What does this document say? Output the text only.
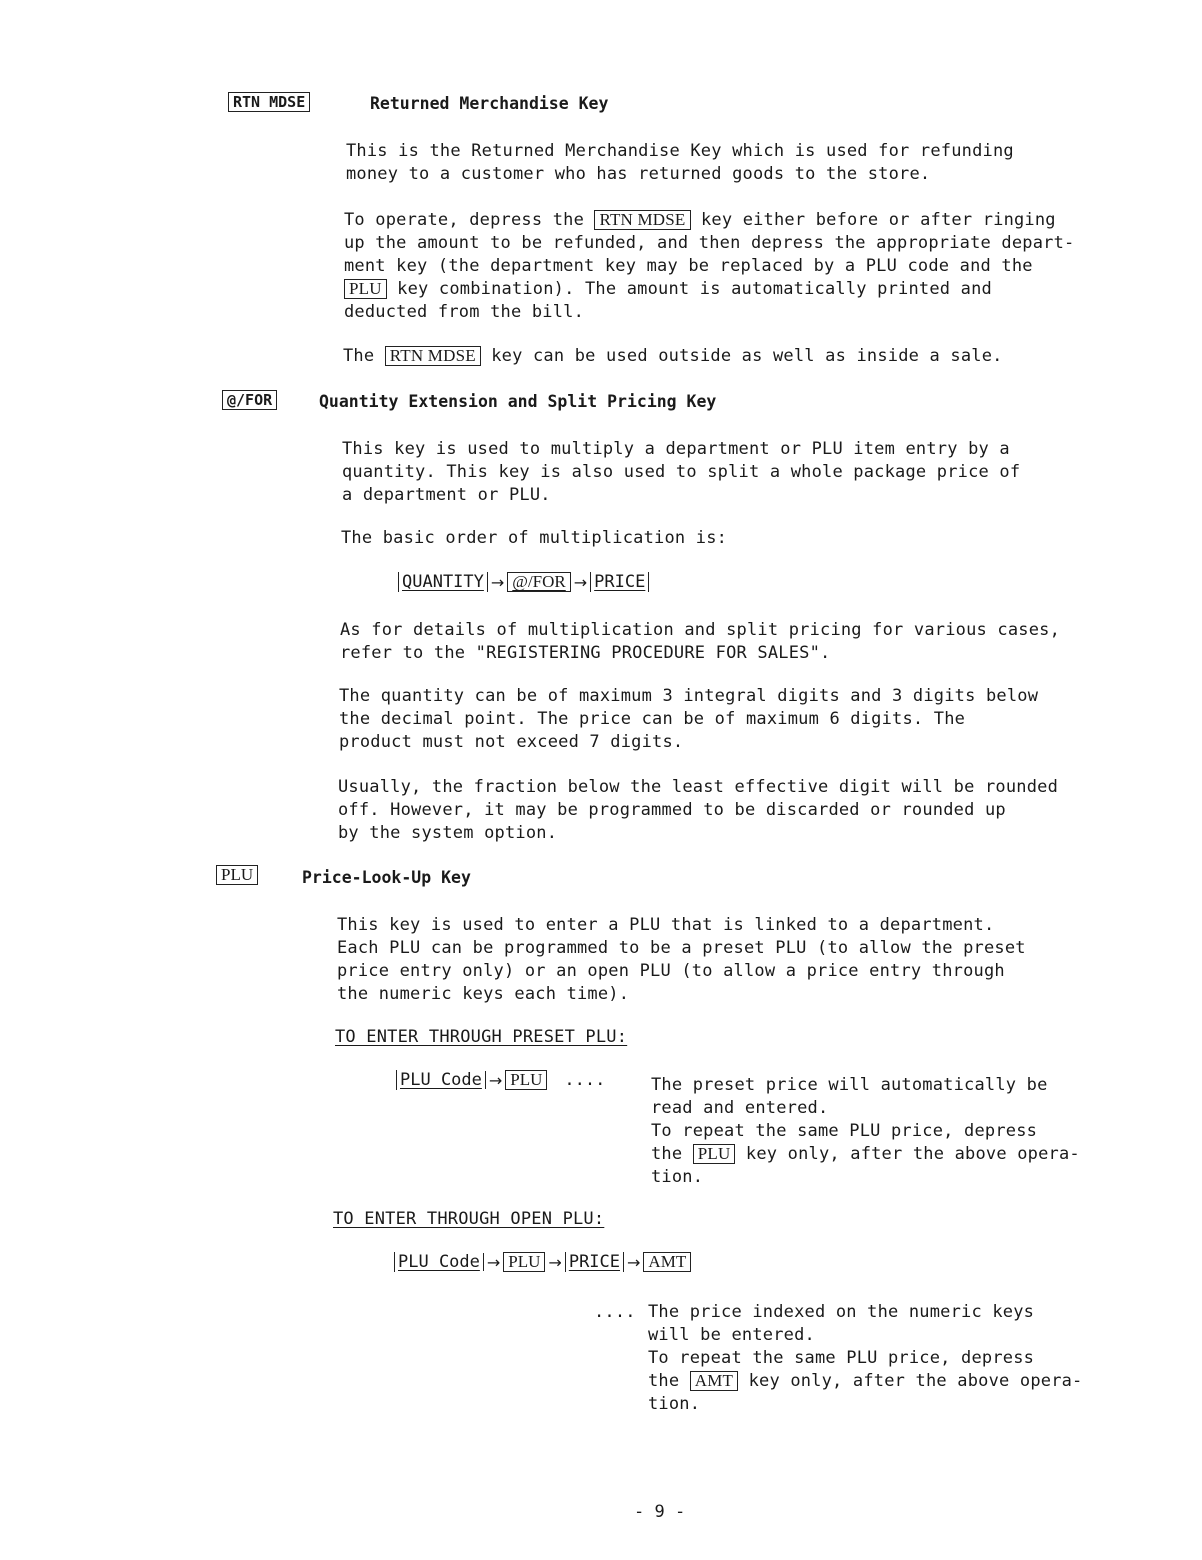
RTN MDSE	Returned Merchandise Key
This is the Returned Merchandise Key which is used for refunding
money to a customer who has returned goods to the store.
To operate, depress the RTN MDSE key either before or after ringing
up the amount to be refunded, and then depress the appropriate depart-
ment key (the department key may be replaced by a PLU code and the
PLU key combination). The amount is automatically printed and
deducted from the bill.
The RTN MDSE key can be used outside as well as inside a sale.
@/FOR	Quantity Extension and Split Pricing Key
This key is used to multiply a department or PLU item entry by a
quantity. This key is also used to split a whole package price of
a department or PLU.
The basic order of multiplication is:
QUANTITY → @/FOR → PRICE
As for details of multiplication and split pricing for various cases,
refer to the "REGISTERING PROCEDURE FOR SALES".
The quantity can be of maximum 3 integral digits and 3 digits below
the decimal point. The price can be of maximum 6 digits. The
product must not exceed 7 digits.
Usually, the fraction below the least effective digit will be rounded
off. However, it may be programmed to be discarded or rounded up
by the system option.
PLU	Price-Look-Up Key
This key is used to enter a PLU that is linked to a department.
Each PLU can be programmed to be a preset PLU (to allow the preset
price entry only) or an open PLU (to allow a price entry through
the numeric keys each time).
TO ENTER THROUGH PRESET PLU:
PLU Code → PLU ....	The preset price will automatically be
read and entered.
To repeat the same PLU price, depress
the PLU key only, after the above opera-
tion.
TO ENTER THROUGH OPEN PLU:
PLU Code → PLU → PRICE → AMT
.... The price indexed on the numeric keys
will be entered.
To repeat the same PLU price, depress
the AMT key only, after the above opera-
tion.
- 9 -
